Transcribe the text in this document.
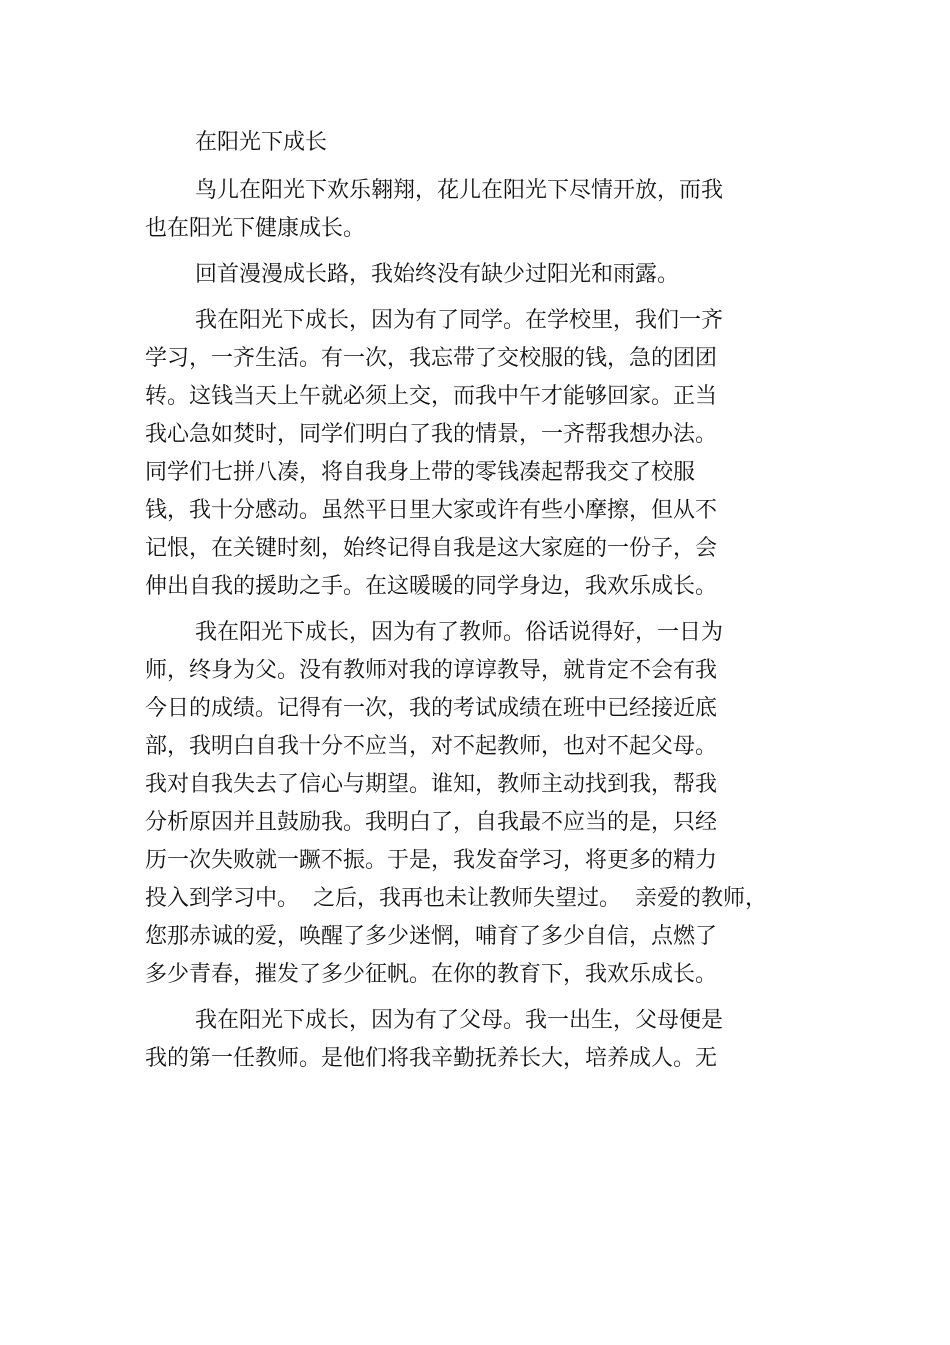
在阳光下成长
鸟儿在阳光下欢乐翱翔，花儿在阳光下尽情开放，而我
也在阳光下健康成长。
回首漫漫成长路，我始终没有缺少过阳光和雨露。
我在阳光下成长，因为有了同学。在学校里，我们一齐
学习，一齐生活。有一次，我忘带了交校服的钱，急的团团
转。这钱当天上午就必须上交，而我中午才能够回家。正当
我心急如焚时，同学们明白了我的情景，一齐帮我想办法。
同学们七拼八凑，将自我身上带的零钱凑起帮我交了校服
钱，我十分感动。虽然平日里大家或许有些小摩擦，但从不
记恨，在关键时刻，始终记得自我是这大家庭的一份子，会
伸出自我的援助之手。在这暖暖的同学身边，我欢乐成长。
我在阳光下成长，因为有了教师。俗话说得好，一日为
师，终身为父。没有教师对我的谆谆教导，就肯定不会有我
今日的成绩。记得有一次，我的考试成绩在班中已经接近底
部，我明白自我十分不应当，对不起教师，也对不起父母。
我对自我失去了信心与期望。谁知，教师主动找到我，帮我
分析原因并且鼓励我。我明白了，自我最不应当的是，只经
历一次失败就一蹶不振。于是，我发奋学习，将更多的精力
投入到学习中。  之后，我再也未让教师失望过。  亲爱的教师，
您那赤诚的爱，唤醒了多少迷惘，哺育了多少自信，点燃了
多少青春，摧发了多少征帆。在你的教育下，我欢乐成长。
我在阳光下成长，因为有了父母。我一出生，父母便是
我的第一任教师。是他们将我辛勤抚养长大，培养成人。无
